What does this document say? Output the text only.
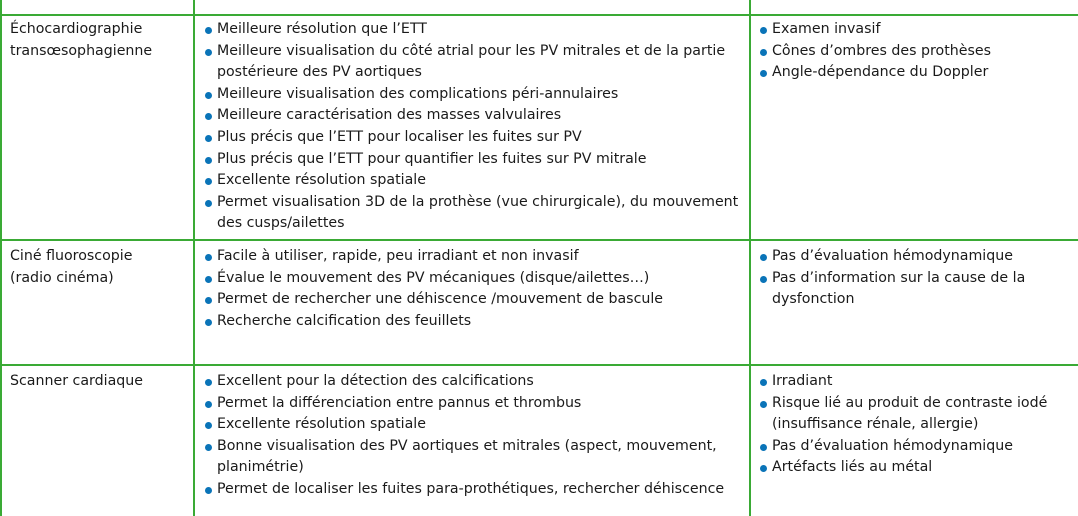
Échocardiographie transœsophagienne
Meilleure résolution que l’ETT
Meilleure visualisation du côté atrial pour les PV mitrales et de la partie postérieure des PV aortiques
Meilleure visualisation des complications péri-annulaires
Meilleure caractérisation des masses valvulaires
Plus précis que l’ETT pour localiser les fuites sur PV
Plus précis que l’ETT pour quantifier les fuites sur PV mitrale
Excellente résolution spatiale
Permet visualisation 3D de la prothèse (vue chirurgicale), du mouvement des cusps/ailettes
Examen invasif
Cônes d’ombres des prothèses
Angle-dépendance du Doppler
Ciné fluoroscopie (radio cinéma)
Facile à utiliser, rapide, peu irradiant et non invasif
Évalue le mouvement des PV mécaniques (disque/ailettes…)
Permet de rechercher une déhiscence /mouvement de bascule
Recherche calcification des feuillets
Pas d’évaluation hémodynamique
Pas d’information sur la cause de la dysfonction
Scanner cardiaque	Excellent pour la détection des calcifications
Permet la différenciation entre pannus et thrombus
Excellente résolution spatiale
Bonne visualisation des PV aortiques et mitrales (aspect, mouvement, planimétrie)
Permet de localiser les fuites para-prothétiques, rechercher déhiscence
Irradiant
Risque lié au produit de contraste iodé (insuffisance rénale, allergie)
Pas d’évaluation hémodynamique
Artéfacts liés au métal
